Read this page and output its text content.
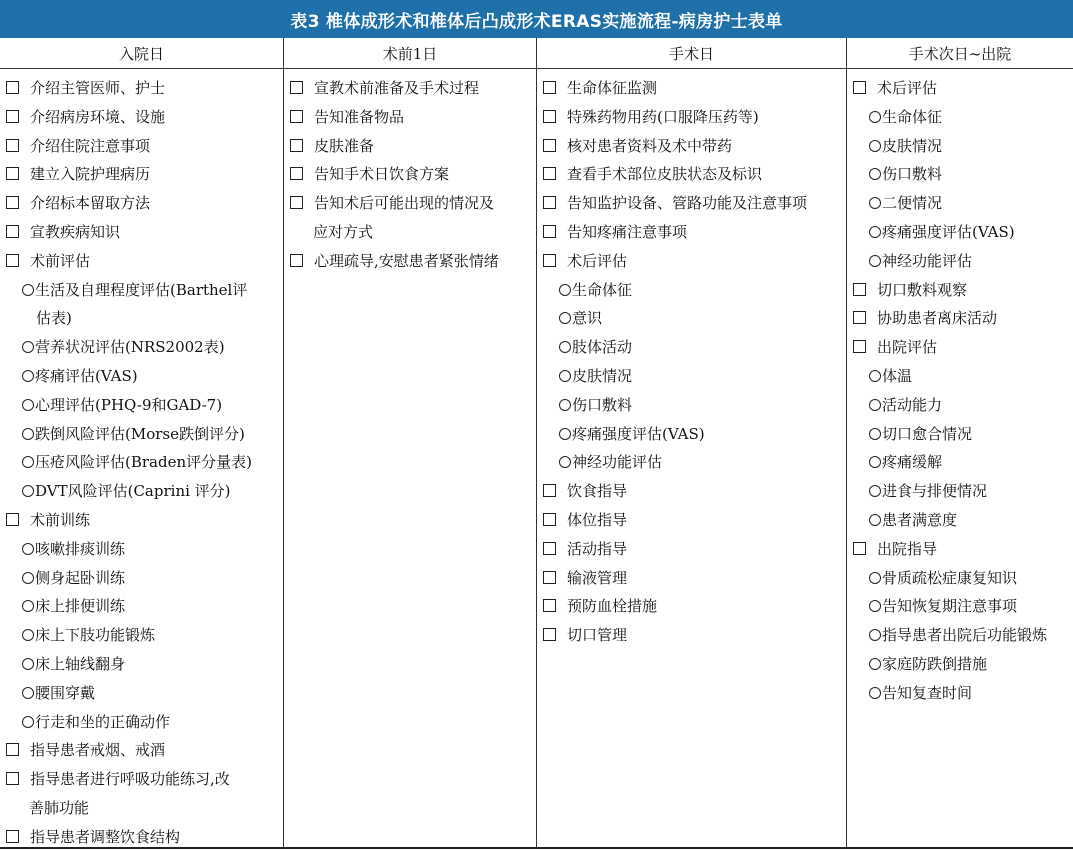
表3 椎体成形术和椎体后凸成形术ERAS实施流程-病房护士表单
入院日
介绍主管医师、护士
介绍病房环境、设施
介绍住院注意事项
建立入院护理病历
介绍标本留取方法
宣教疾病知识
术前评估
生活及自理程度评估(Barthel评
估表)
营养状况评估(NRS2002表)
疼痛评估(VAS)
心理评估(PHQ-9和GAD-7)
跌倒风险评估(Morse跌倒评分)
压疮风险评估(Braden评分量表)
DVT风险评估(Caprini 评分)
术前训练
咳嗽排痰训练
侧身起卧训练
床上排便训练
床上下肢功能锻炼
床上轴线翻身
腰围穿戴
行走和坐的正确动作
指导患者戒烟、戒酒
指导患者进行呼吸功能练习,改
善肺功能
指导患者调整饮食结构
术前1日
宣教术前准备及手术过程
告知准备物品
皮肤准备
告知手术日饮食方案
告知术后可能出现的情况及
应对方式
心理疏导,安慰患者紧张情绪
手术日
生命体征监测
特殊药物用药(口服降压药等)
核对患者资料及术中带药
查看手术部位皮肤状态及标识
告知监护设备、管路功能及注意事项
告知疼痛注意事项
术后评估
生命体征
意识
肢体活动
皮肤情况
伤口敷料
疼痛强度评估(VAS)
神经功能评估
饮食指导
体位指导
活动指导
输液管理
预防血栓措施
切口管理
手术次日~出院
术后评估
生命体征
皮肤情况
伤口敷料
二便情况
疼痛强度评估(VAS)
神经功能评估
切口敷料观察
协助患者离床活动
出院评估
体温
活动能力
切口愈合情况
疼痛缓解
进食与排便情况
患者满意度
出院指导
骨质疏松症康复知识
告知恢复期注意事项
指导患者出院后功能锻炼
家庭防跌倒措施
告知复查时间
